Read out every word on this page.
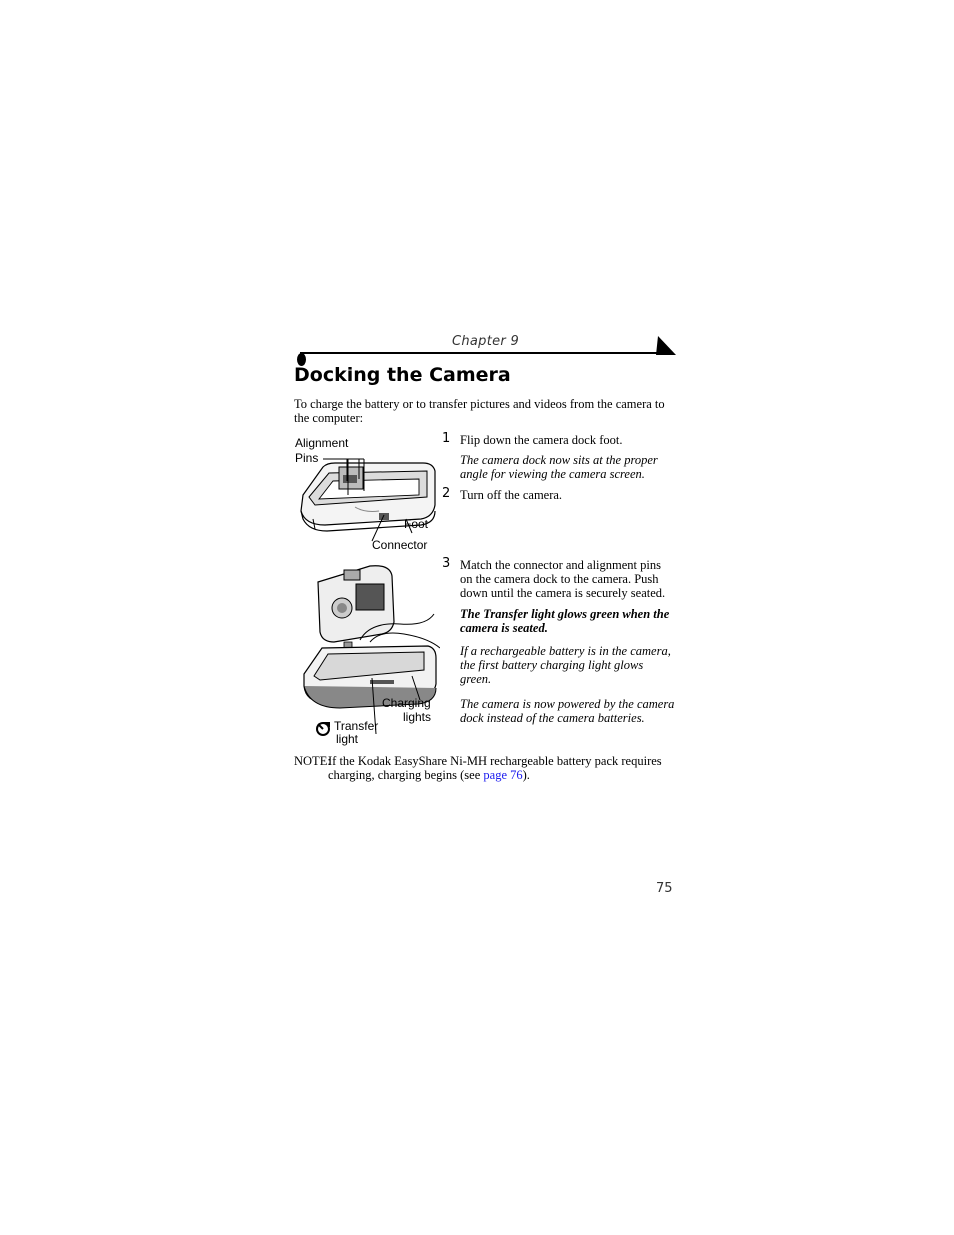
Chapter 9
Docking the Camera
To charge the battery or to transfer pictures and videos from the camera to the computer:
Alignment
Pins
Foot
Connector
1 Flip down the camera dock foot.
The camera dock now sits at the proper angle for viewing the camera screen.
2 Turn off the camera.
Charging
lights
Transfer
light
3 Match the connector and alignment pins on the camera dock to the camera. Push down until the camera is securely seated.
The Transfer light glows green when the camera is seated.
If a rechargeable battery is in the camera, the first battery charging light glows green.
The camera is now powered by the camera dock instead of the camera batteries.
NOTE:
If the Kodak EasyShare Ni-MH rechargeable battery pack requires charging, charging begins (see page 76).
75
